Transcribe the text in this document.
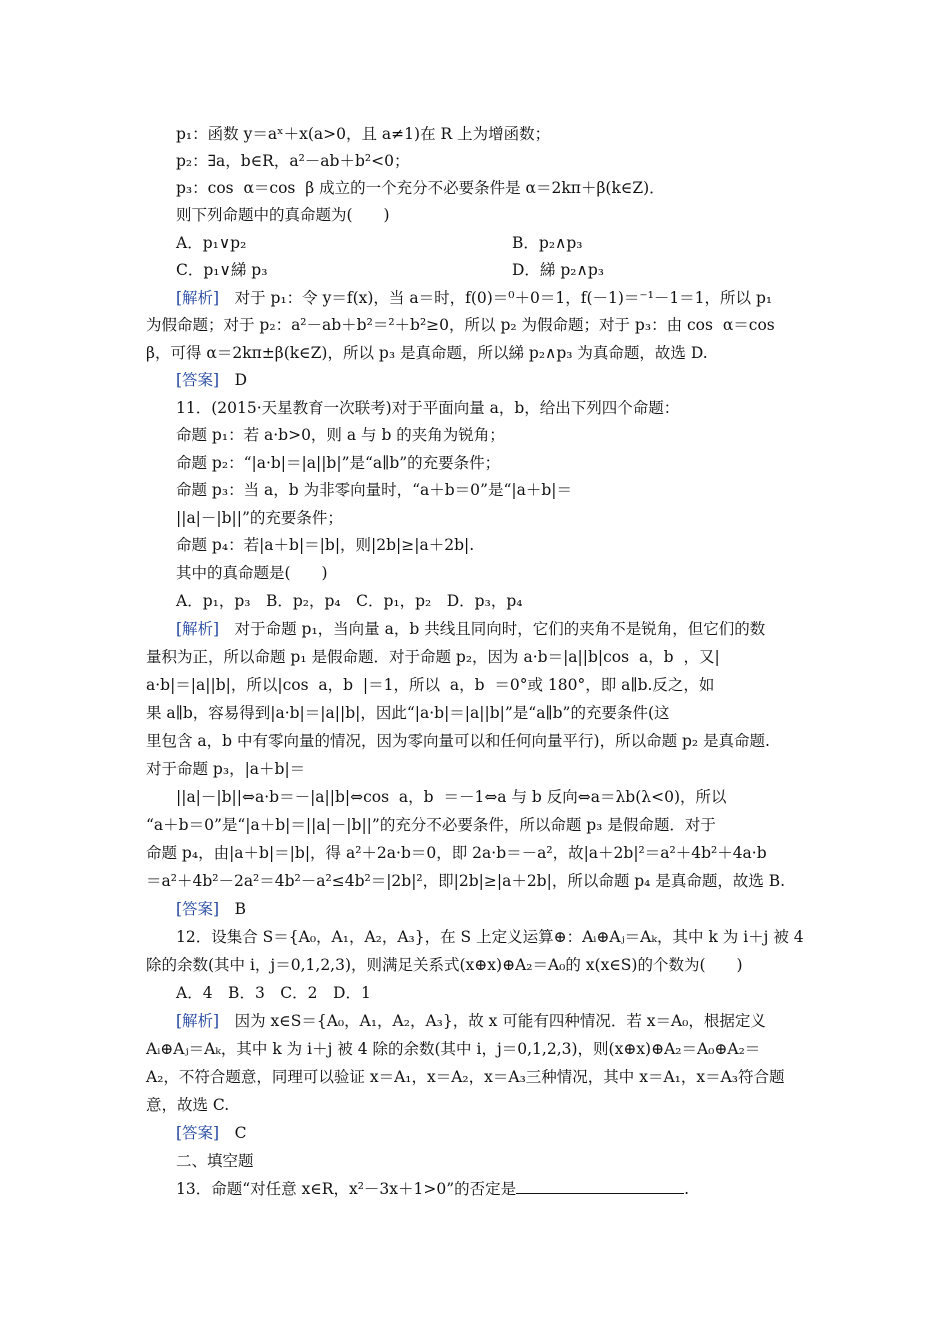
p₁：函数 y＝aˣ＋x(a>0，且 a≠1)在 R 上为增函数；
p₂：∃a，b∈R，a²－ab＋b²<0；
p₃：cos  α＝cos  β 成立的一个充分不必要条件是 α＝2kπ＋β(k∈Z)．
则下列命题中的真命题为(　　)
A．p₁∨p₂	B．p₂∧p₃
C．p₁∨綈 p₃	D．綈 p₂∧p₃
[解析]　对于 p₁：令 y＝f(x)，当 a＝时，f(0)＝⁰＋0＝1，f(－1)＝⁻¹－1＝1，所以 p₁
为假命题；对于 p₂：a²－ab＋b²＝²＋b²≥0，所以 p₂ 为假命题；对于 p₃：由 cos  α＝cos
β，可得 α＝2kπ±β(k∈Z)，所以 p₃ 是真命题，所以綈 p₂∧p₃ 为真命题，故选 D.
[答案]　D
11．(2015·天星教育一次联考)对于平面向量 a，b，给出下列四个命题：
命题 p₁：若 a·b>0，则 a 与 b 的夹角为锐角；
命题 p₂：“|a·b|＝|a||b|”是“a∥b”的充要条件；
命题 p₃：当 a，b 为非零向量时，“a＋b＝0”是“|a＋b|＝
||a|－|b||”的充要条件；
命题 p₄：若|a＋b|＝|b|，则|2b|≥|a＋2b|.
其中的真命题是(　　)
A．p₁，p₃　B．p₂，p₄　C．p₁，p₂　D．p₃，p₄
[解析]　对于命题 p₁，当向量 a，b 共线且同向时，它们的夹角不是锐角，但它们的数
量积为正，所以命题 p₁ 是假命题．对于命题 p₂，因为 a·b＝|a||b|cos  a，b  ，又|
a·b|＝|a||b|，所以|cos  a，b  |＝1，所以  a，b  ＝0°或 180°，即 a∥b.反之，如
果 a∥b，容易得到|a·b|＝|a||b|，因此“|a·b|＝|a||b|”是“a∥b”的充要条件(这
里包含 a，b 中有零向量的情况，因为零向量可以和任何向量平行)，所以命题 p₂ 是真命题.
对于命题 p₃，|a＋b|＝
||a|－|b||⇔a·b＝－|a||b|⇔cos  a，b  ＝－1⇔a 与 b 反向⇔a＝λb(λ<0)，所以
“a＋b＝0”是“|a＋b|＝||a|－|b||”的充分不必要条件，所以命题 p₃ 是假命题．对于
命题 p₄，由|a＋b|＝|b|，得 a²＋2a·b＝0，即 2a·b＝－a²，故|a＋2b|²＝a²＋4b²＋4a·b
＝a²＋4b²－2a²＝4b²－a²≤4b²＝|2b|²，即|2b|≥|a＋2b|，所以命题 p₄ 是真命题，故选 B.
[答案]　B
12．设集合 S＝{A₀，A₁，A₂，A₃}，在 S 上定义运算⊕：Aᵢ⊕Aⱼ＝Aₖ，其中 k 为 i＋j 被 4
除的余数(其中 i，j＝0,1,2,3)，则满足关系式(x⊕x)⊕A₂＝A₀的 x(x∈S)的个数为(　　)
A．4　B．3　C．2　D．1
[解析]　因为 x∈S＝{A₀，A₁，A₂，A₃}，故 x 可能有四种情况．若 x＝A₀，根据定义
Aᵢ⊕Aⱼ＝Aₖ，其中 k 为 i＋j 被 4 除的余数(其中 i，j＝0,1,2,3)，则(x⊕x)⊕A₂＝A₀⊕A₂＝
A₂，不符合题意，同理可以验证 x＝A₁，x＝A₂，x＝A₃三种情况，其中 x＝A₁，x＝A₃符合题
意，故选 C.
[答案]　C
二、填空题
13．命题“对任意 x∈R，x²－3x＋1>0”的否定是	.
